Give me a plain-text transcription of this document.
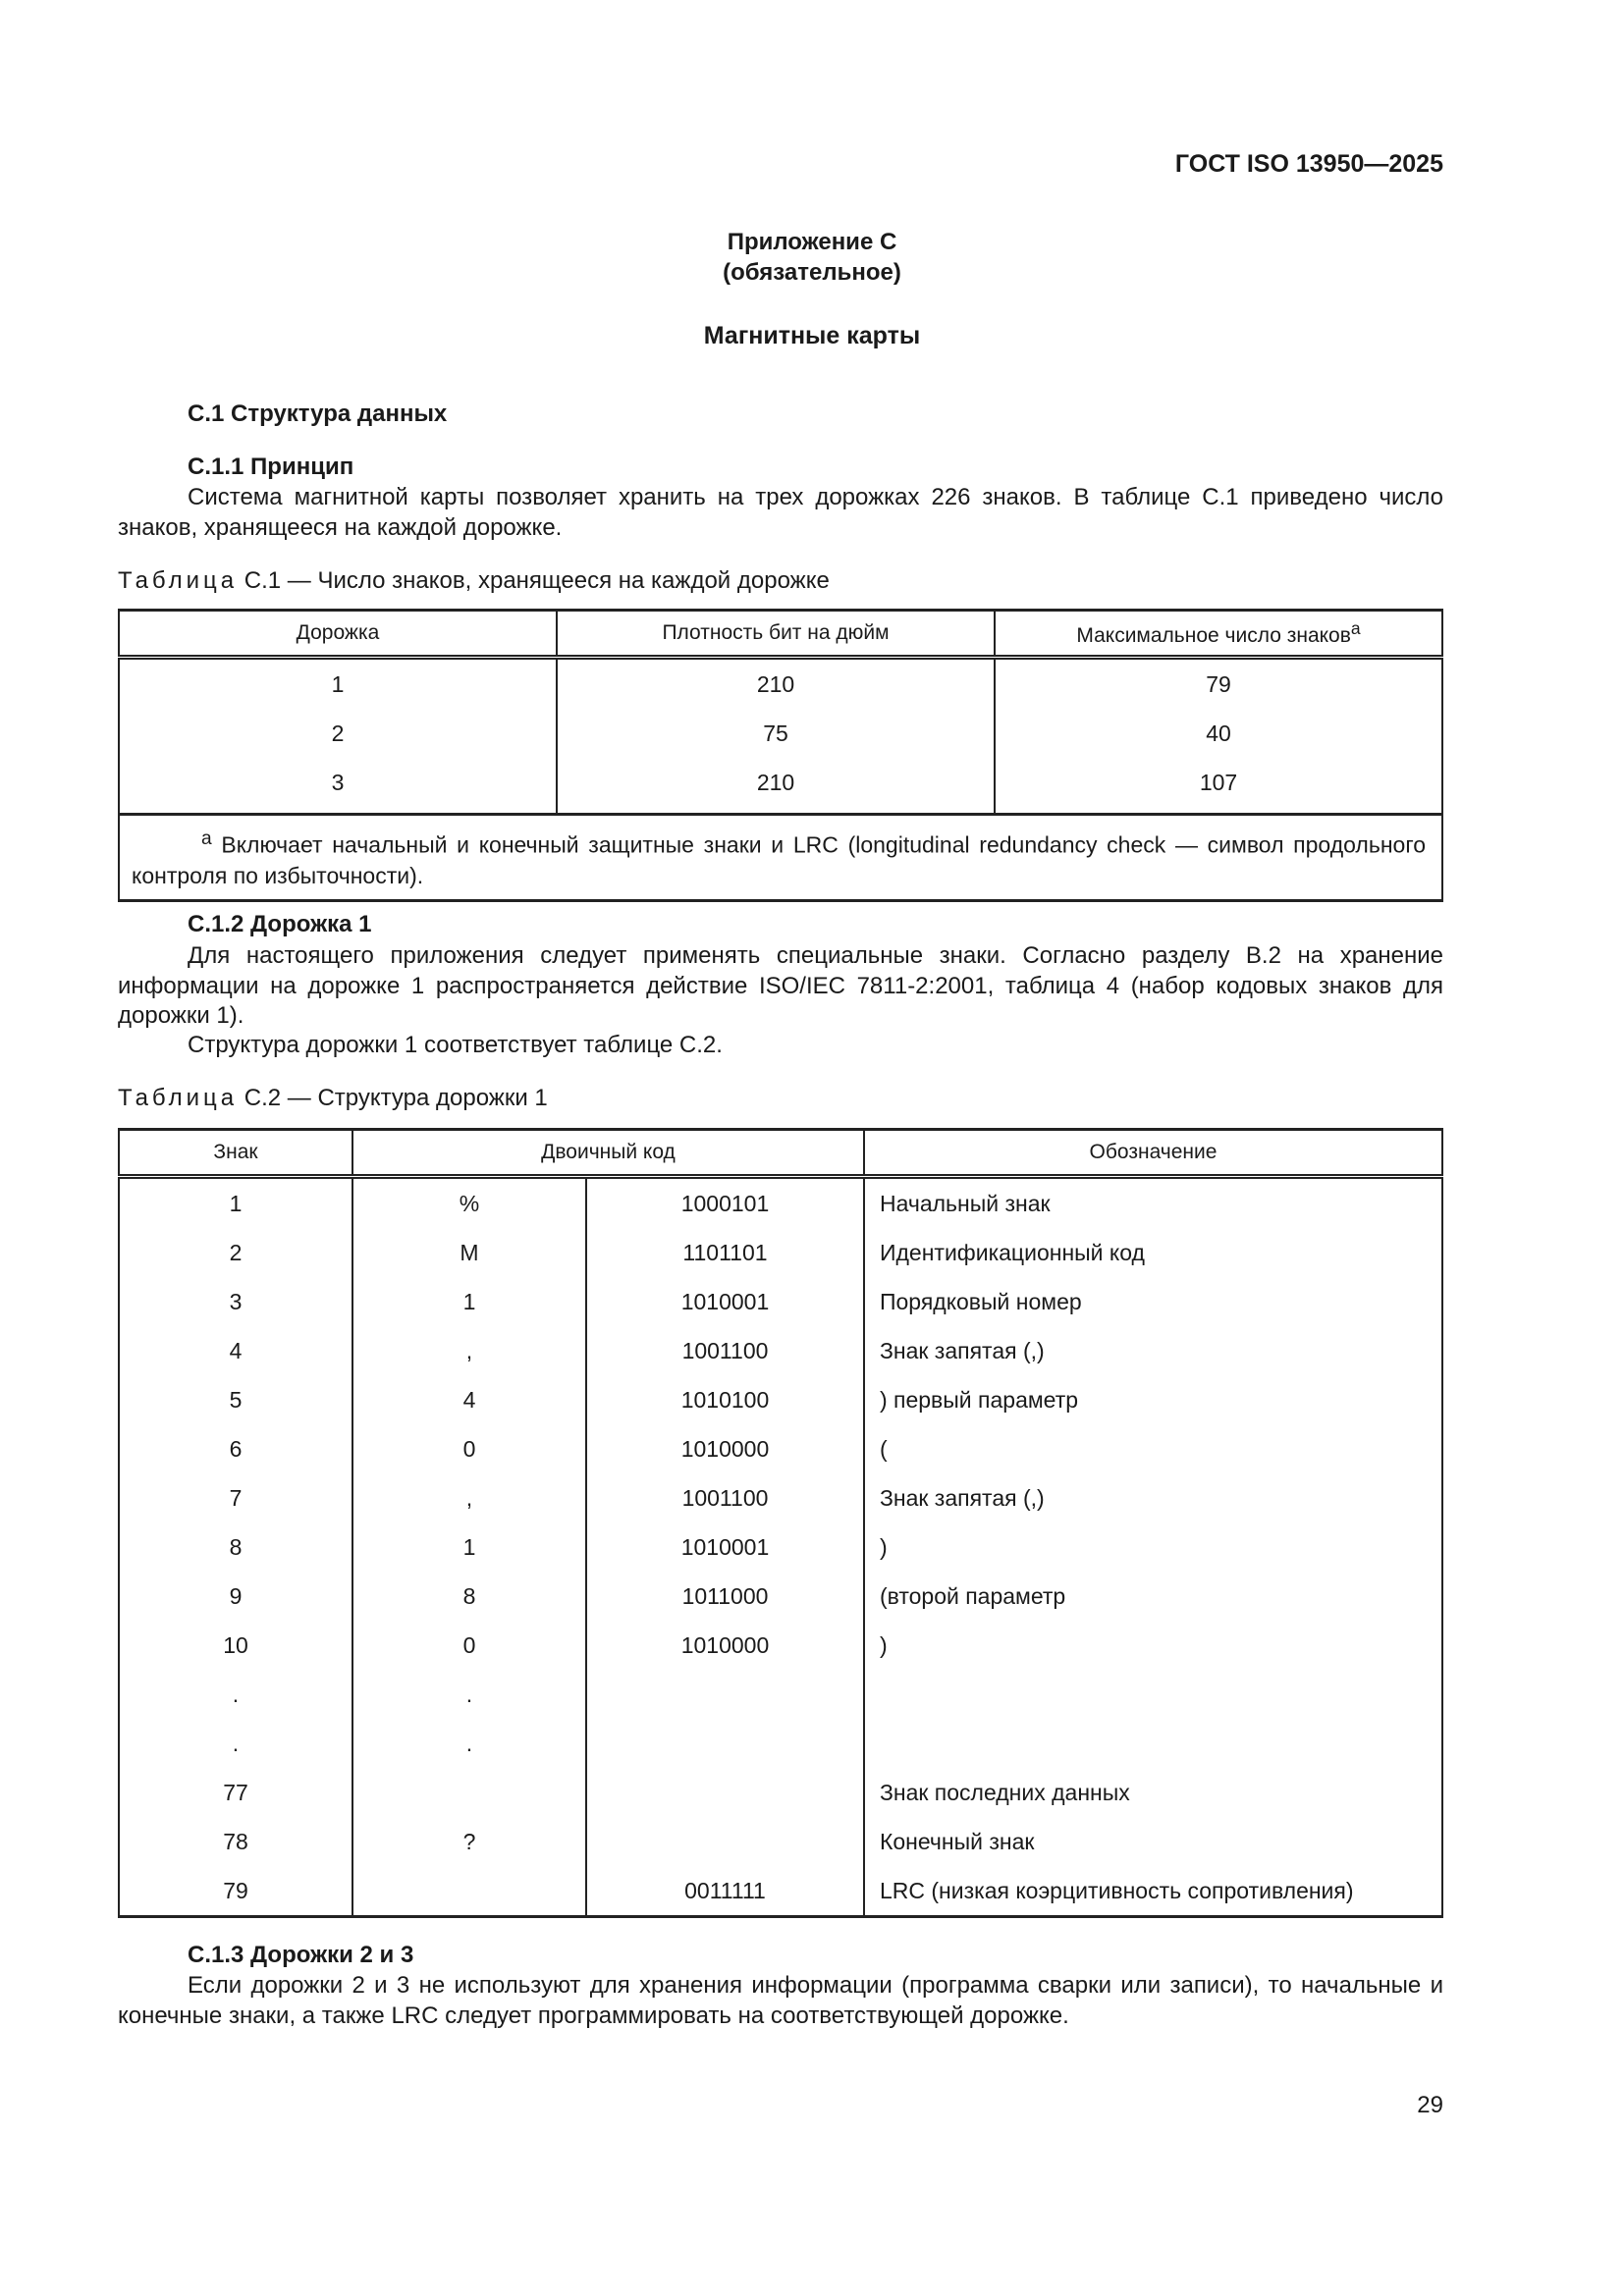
ГОСТ ISO 13950—2025
Приложение С
(обязательное)
Магнитные карты
С.1 Структура данных
С.1.1 Принцип
Система магнитной карты позволяет хранить на трех дорожках 226 знаков. В таблице С.1 приведено число знаков, хранящееся на каждой дорожке.
Таблица С.1 — Число знаков, хранящееся на каждой дорожке
Дорожка	Плотность бит на дюйм	Максимальное число знаков$^a$
1	210	79
2	75	40
3	210	107
$^a$ Включает начальный и конечный защитные знаки и LRC (longitudinal redundancy check — символ продольного контроля по избыточности).		
С.1.2 Дорожка 1
Для настоящего приложения следует применять специальные знаки. Согласно разделу В.2 на хранение информации на дорожке 1 распространяется действие ISO/IEC 7811-2:2001, таблица 4 (набор кодовых знаков для дорожки 1).
Структура дорожки 1 соответствует таблице С.2.
Таблица С.2 — Структура дорожки 1
Знак	Двоичный код		Обозначение
1	%	1000101	Начальный знак
2	M	1101101	Идентификационный код
3	1	1010001	Порядковый номер
4	,	1001100	Знак запятая (,)
5	4	1010100	) первый параметр
6	0	1010000	(
7	,	1001100	Знак запятая (,)
8	1	1010001	)
9	8	1011000	(второй параметр
10	0	1010000	)
.	.		
.	.		
77			Знак последних данных
78	?		Конечный знак
79		0011111	LRC (низкая коэрцитивность сопротивления)
С.1.3 Дорожки 2 и 3
Если дорожки 2 и 3 не используют для хранения информации (программа сварки или записи), то начальные и конечные знаки, а также LRC следует программировать на соответствующей дорожке.
29
